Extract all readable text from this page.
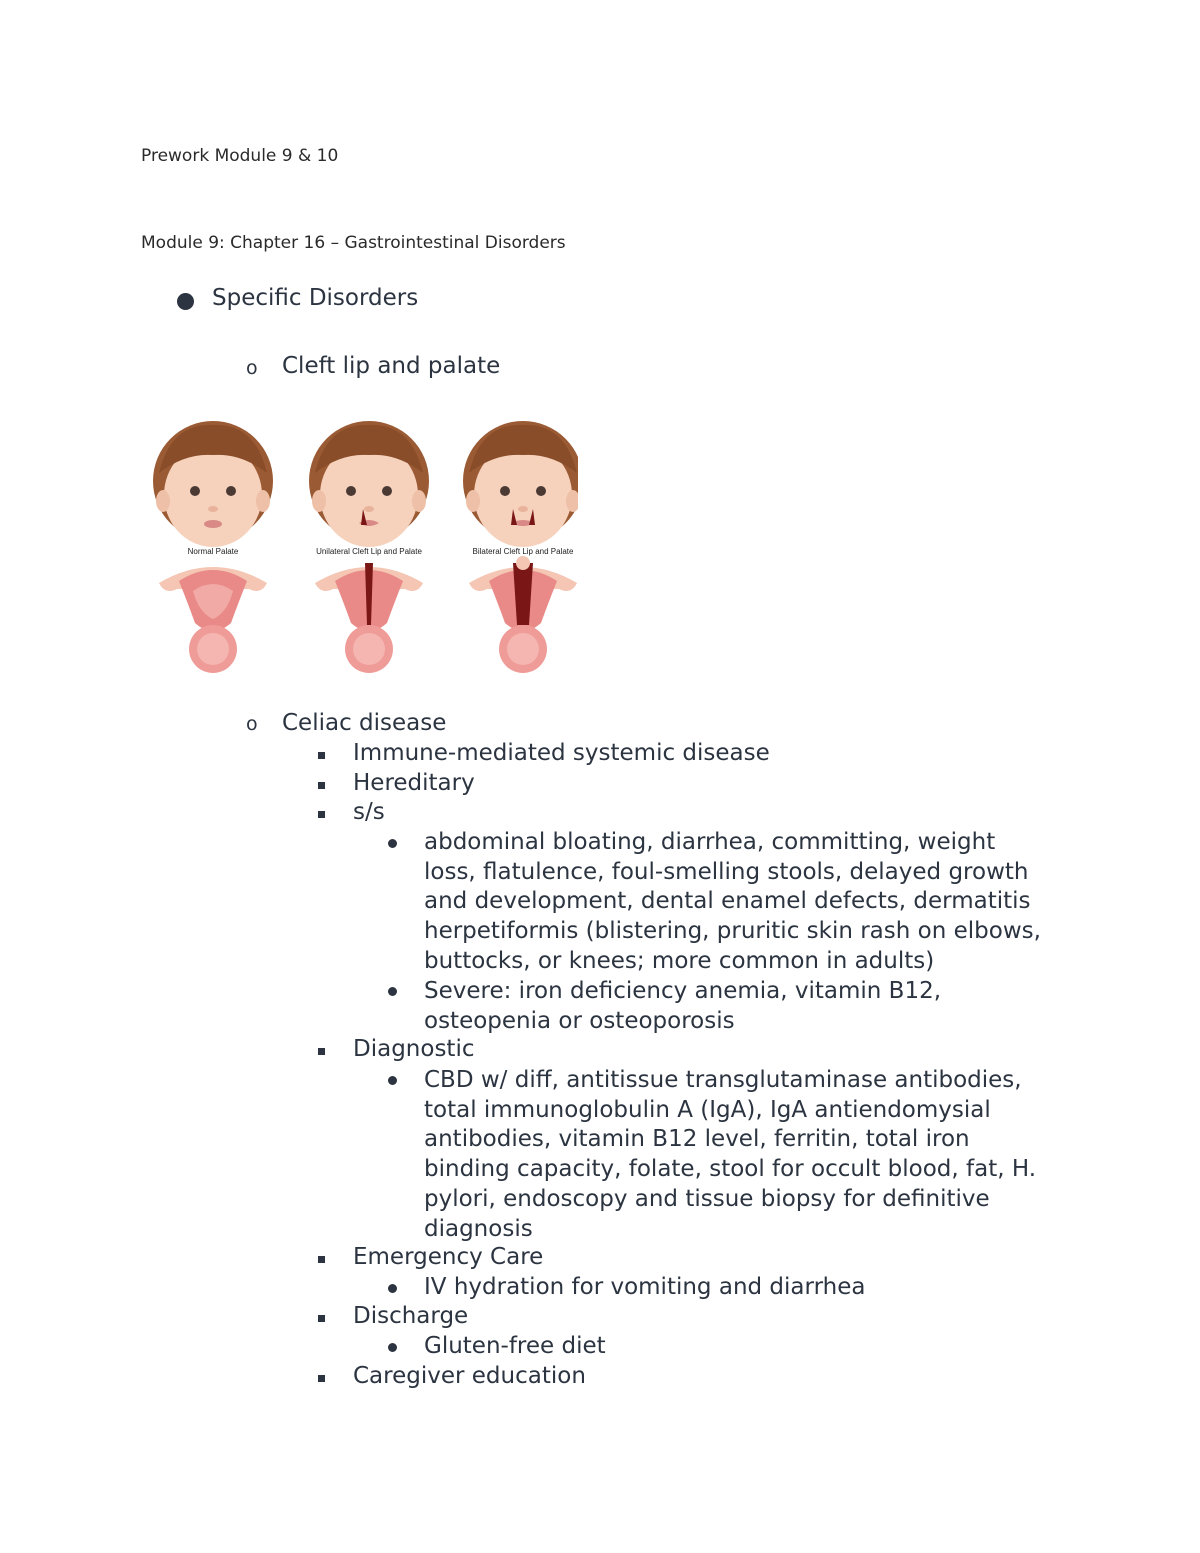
Prework Module 9 & 10
Module 9: Chapter 16 – Gastrointestinal Disorders
Specific Disorders
o Cleft lip and palate
Normal Palate	Unilateral Cleft Lip and Palate	Bilateral Cleft Lip and Palate
o Celiac disease
Immune-mediated systemic disease
Hereditary
s/s
abdominal bloating, diarrhea, committing, weight
loss, flatulence, foul-smelling stools, delayed growth
and development, dental enamel defects, dermatitis
herpetiformis (blistering, pruritic skin rash on elbows,
buttocks, or knees; more common in adults)
Severe: iron deficiency anemia, vitamin B12,
osteopenia or osteoporosis
Diagnostic
CBD w/ diff, antitissue transglutaminase antibodies,
total immunoglobulin A (IgA), IgA antiendomysial
antibodies, vitamin B12 level, ferritin, total iron
binding capacity, folate, stool for occult blood, fat, H.
pylori, endoscopy and tissue biopsy for definitive
diagnosis
Emergency Care
IV hydration for vomiting and diarrhea
Discharge
Gluten-free diet
Caregiver education
